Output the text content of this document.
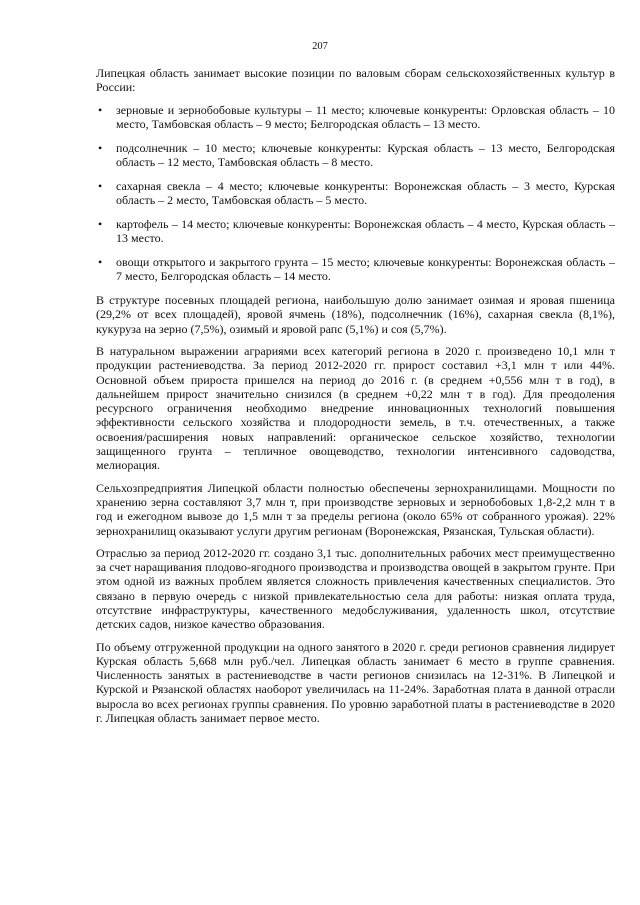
207

Липецкая область занимает высокие позиции по валовым сборам сельскохозяйственных культур в России:

• зерновые и зернобобовые культуры – 11 место; ключевые конкуренты: Орловская область – 10 место, Тамбовская область – 9 место; Белгородская область – 13 место.
• подсолнечник – 10 место; ключевые конкуренты: Курская область – 13 место, Белгородская область – 12 место, Тамбовская область – 8 место.
• сахарная свекла – 4 место; ключевые конкуренты: Воронежская область – 3 место, Курская область – 2 место, Тамбовская область – 5 место.
• картофель – 14 место; ключевые конкуренты: Воронежская область – 4 место, Курская область – 13 место.
• овощи открытого и закрытого грунта – 15 место; ключевые конкуренты: Воронежская область – 7 место, Белгородская область – 14 место.

В структуре посевных площадей региона, наибольшую долю занимает озимая и яровая пшеница (29,2% от всех площадей), яровой ячмень (18%), подсолнечник (16%), сахарная свекла (8,1%), кукуруза на зерно (7,5%), озимый и яровой рапс (5,1%) и соя (5,7%).

В натуральном выражении аграриями всех категорий региона в 2020 г. произведено 10,1 млн т продукции растениеводства. За период 2012-2020 гг. прирост составил +3,1 млн т или 44%. Основной объем прироста пришелся на период до 2016 г. (в среднем +0,556 млн т в год), в дальнейшем прирост значительно снизился (в среднем +0,22 млн т в год). Для преодоления ресурсного ограничения необходимо внедрение инновационных технологий повышения эффективности сельского хозяйства и плодородности земель, в т.ч. отечественных, а также освоения/расширения новых направлений: органическое сельское хозяйство, технологии защищенного грунта – тепличное овощеводство, технологии интенсивного садоводства, мелиорация.

Сельхозпредприятия Липецкой области полностью обеспечены зернохранилищами. Мощности по хранению зерна составляют 3,7 млн т, при производстве зерновых и зернобобовых 1,8-2,2 млн т в год и ежегодном вывозе до 1,5 млн т за пределы региона (около 65% от собранного урожая). 22% зернохранилищ оказывают услуги другим регионам (Воронежская, Рязанская, Тульская области).

Отраслью за период 2012-2020 гг. создано 3,1 тыс. дополнительных рабочих мест преимущественно за счет наращивания плодово-ягодного производства и производства овощей в закрытом грунте. При этом одной из важных проблем является сложность привлечения качественных специалистов. Это связано в первую очередь с низкой привлекательностью села для работы: низкая оплата труда, отсутствие инфраструктуры, качественного медобслуживания, удаленность школ, отсутствие детских садов, низкое качество образования.

По объему отгруженной продукции на одного занятого в 2020 г. среди регионов сравнения лидирует Курская область 5,668 млн руб./чел. Липецкая область занимает 6 место в группе сравнения. Численность занятых в растениеводстве в части регионов снизилась на 12-31%. В Липецкой и Курской и Рязанской областях наоборот увеличилась на 11-24%. Заработная плата в данной отрасли выросла во всех регионах группы сравнения. По уровню заработной платы в растениеводстве в 2020 г. Липецкая область занимает первое место.
